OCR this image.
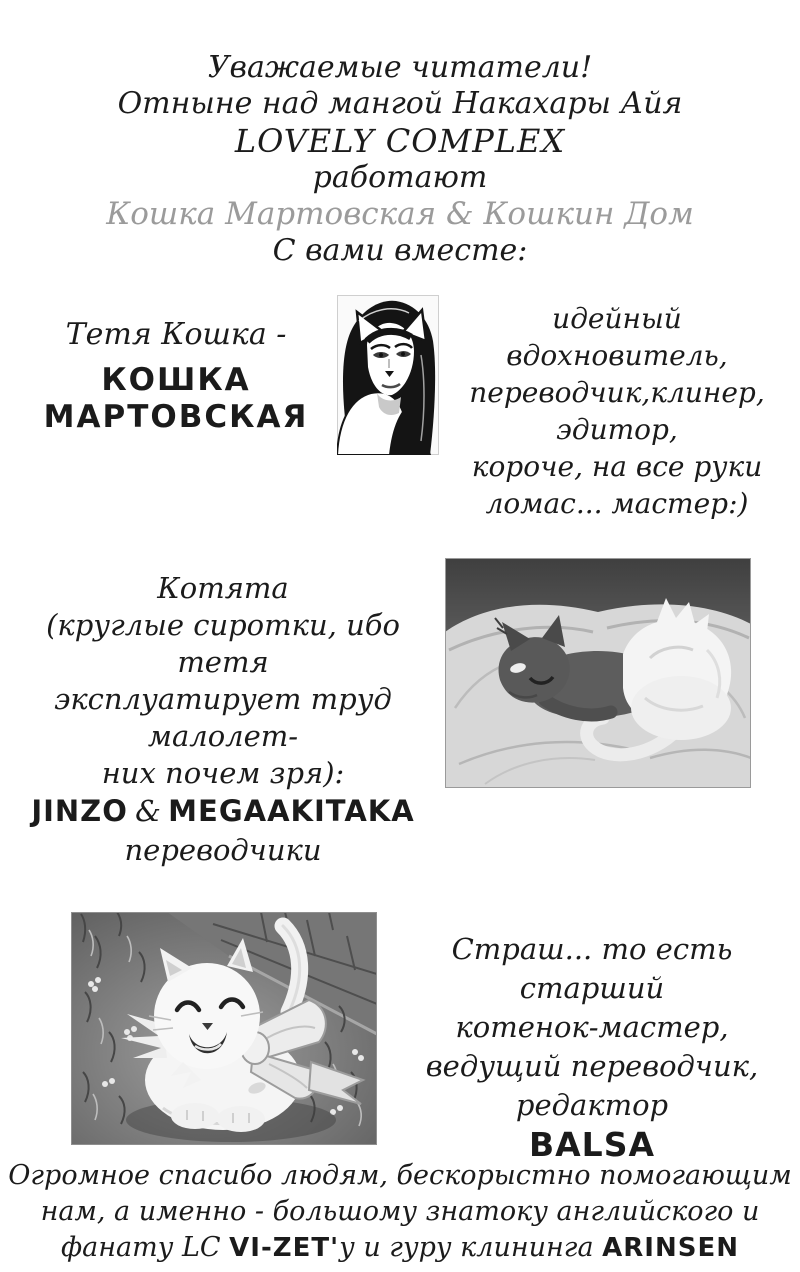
Уважаемые читатели!
Отныне над мангой Накахары Айя
LOVELY COMPLEX
работают
Кошка Мартовская & Кошкин Дом
С вами вместе:
Тетя Кошка -
КОШКА
МАРТОВСКАЯ
идейный вдохновитель,
переводчик,клинер, эдитор,
короче, на все руки
ломас... мастер:)
Котята
(круглые сиротки, ибо тетя
эксплуатирует труд малолет-
них почем зря):
JINZO & MEGAAKITAKA
переводчики
Страш... то есть старший
котенок-мастер,
ведущий переводчик,
редактор
BALSA
Огромное спасибо людям, бескорыстно помогающим
нам, а именно - большому знатоку английского и
фанату LC VI-ZET'у и гуру клининга ARINSEN
